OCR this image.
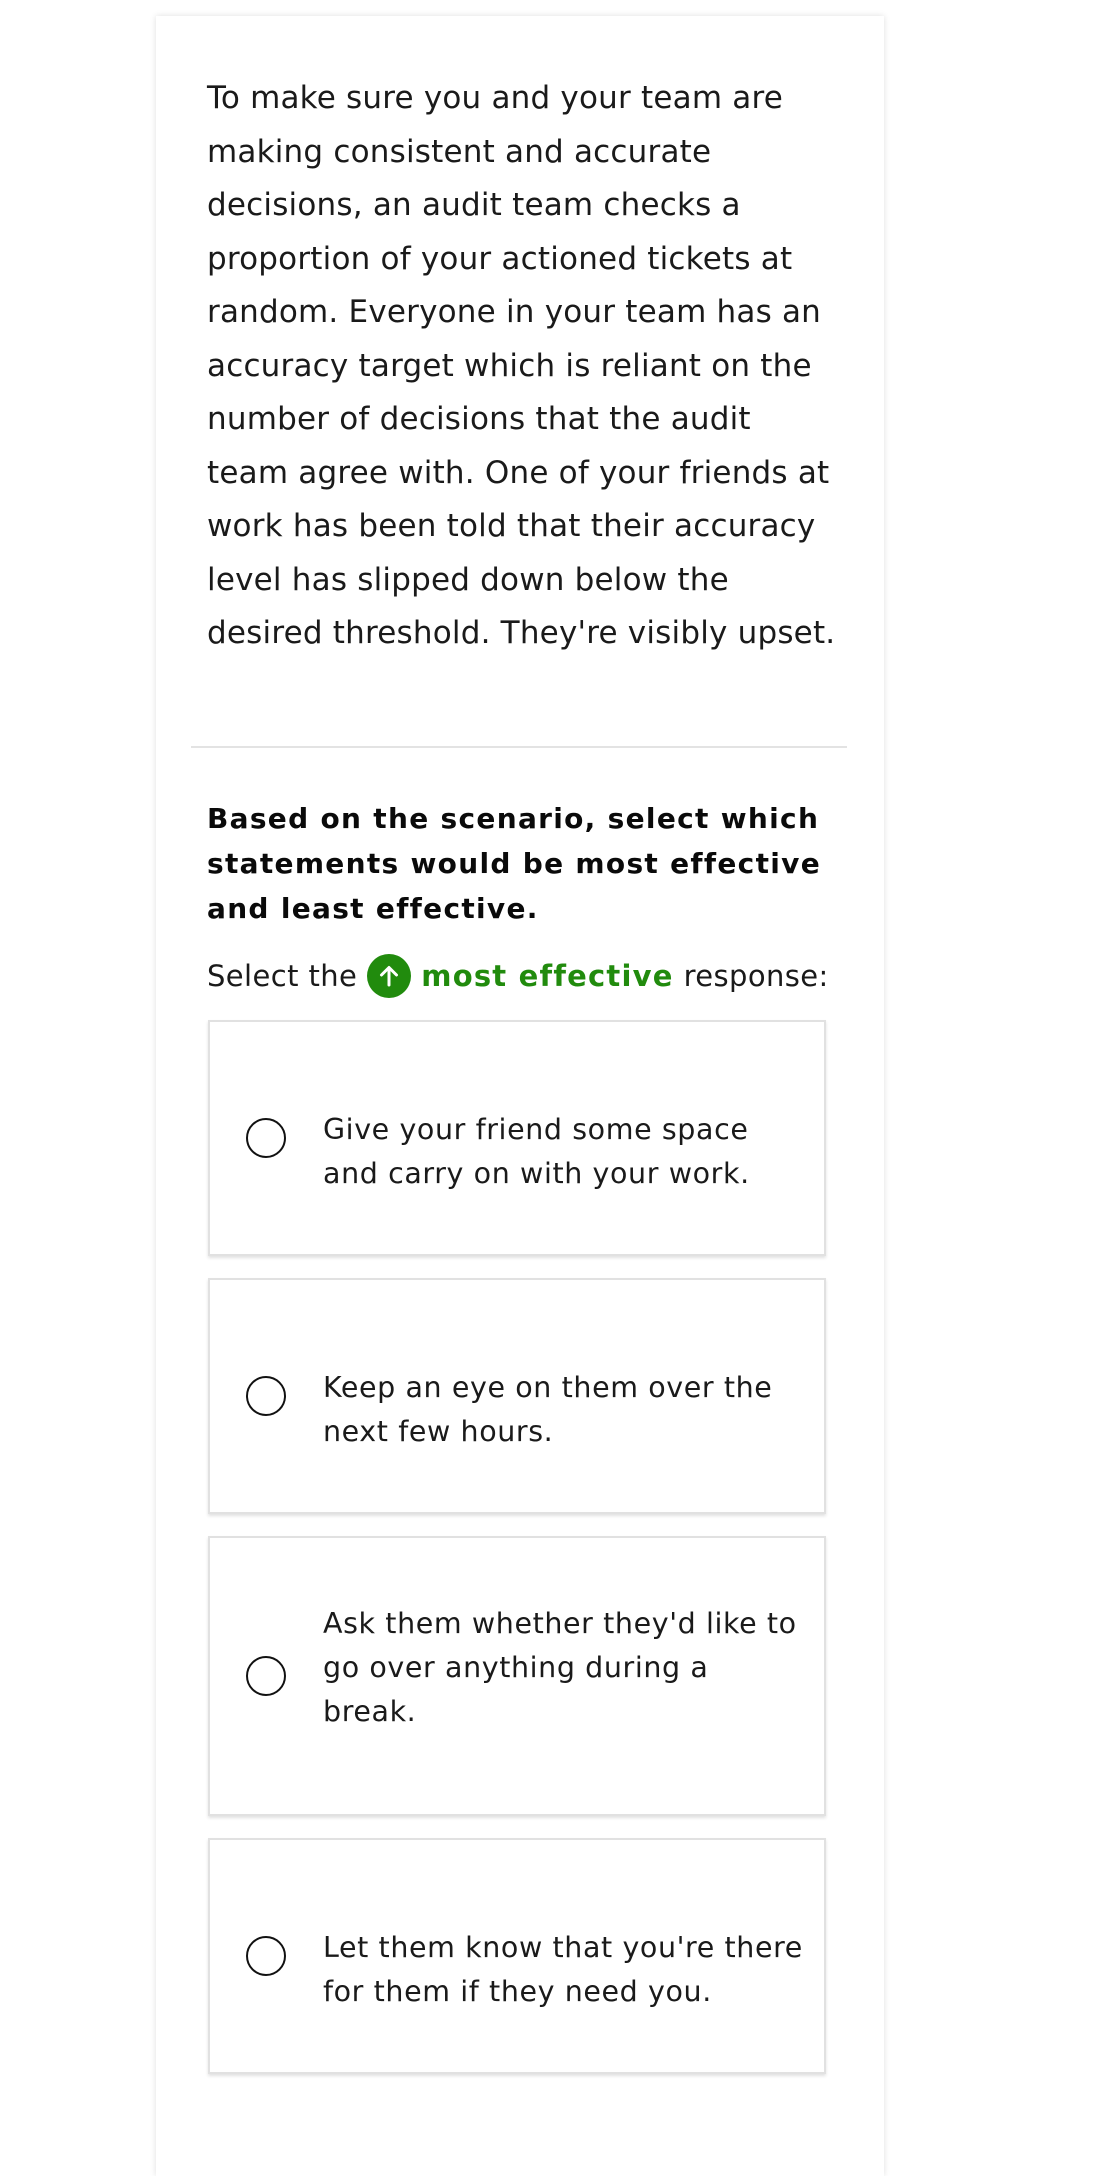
To make sure you and your team are making consistent and accurate decisions, an audit team checks a proportion of your actioned tickets at random. Everyone in your team has an accuracy target which is reliant on the number of decisions that the audit team agree with. One of your friends at work has been told that their accuracy level has slipped down below the desired threshold. They're visibly upset.

Based on the scenario, select which statements would be most effective and least effective.

Select the most effective response:
Give your friend some space and carry on with your work.
Keep an eye on them over the next few hours.
Ask them whether they'd like to go over anything during a break.
Let them know that you're there for them if they need you.
